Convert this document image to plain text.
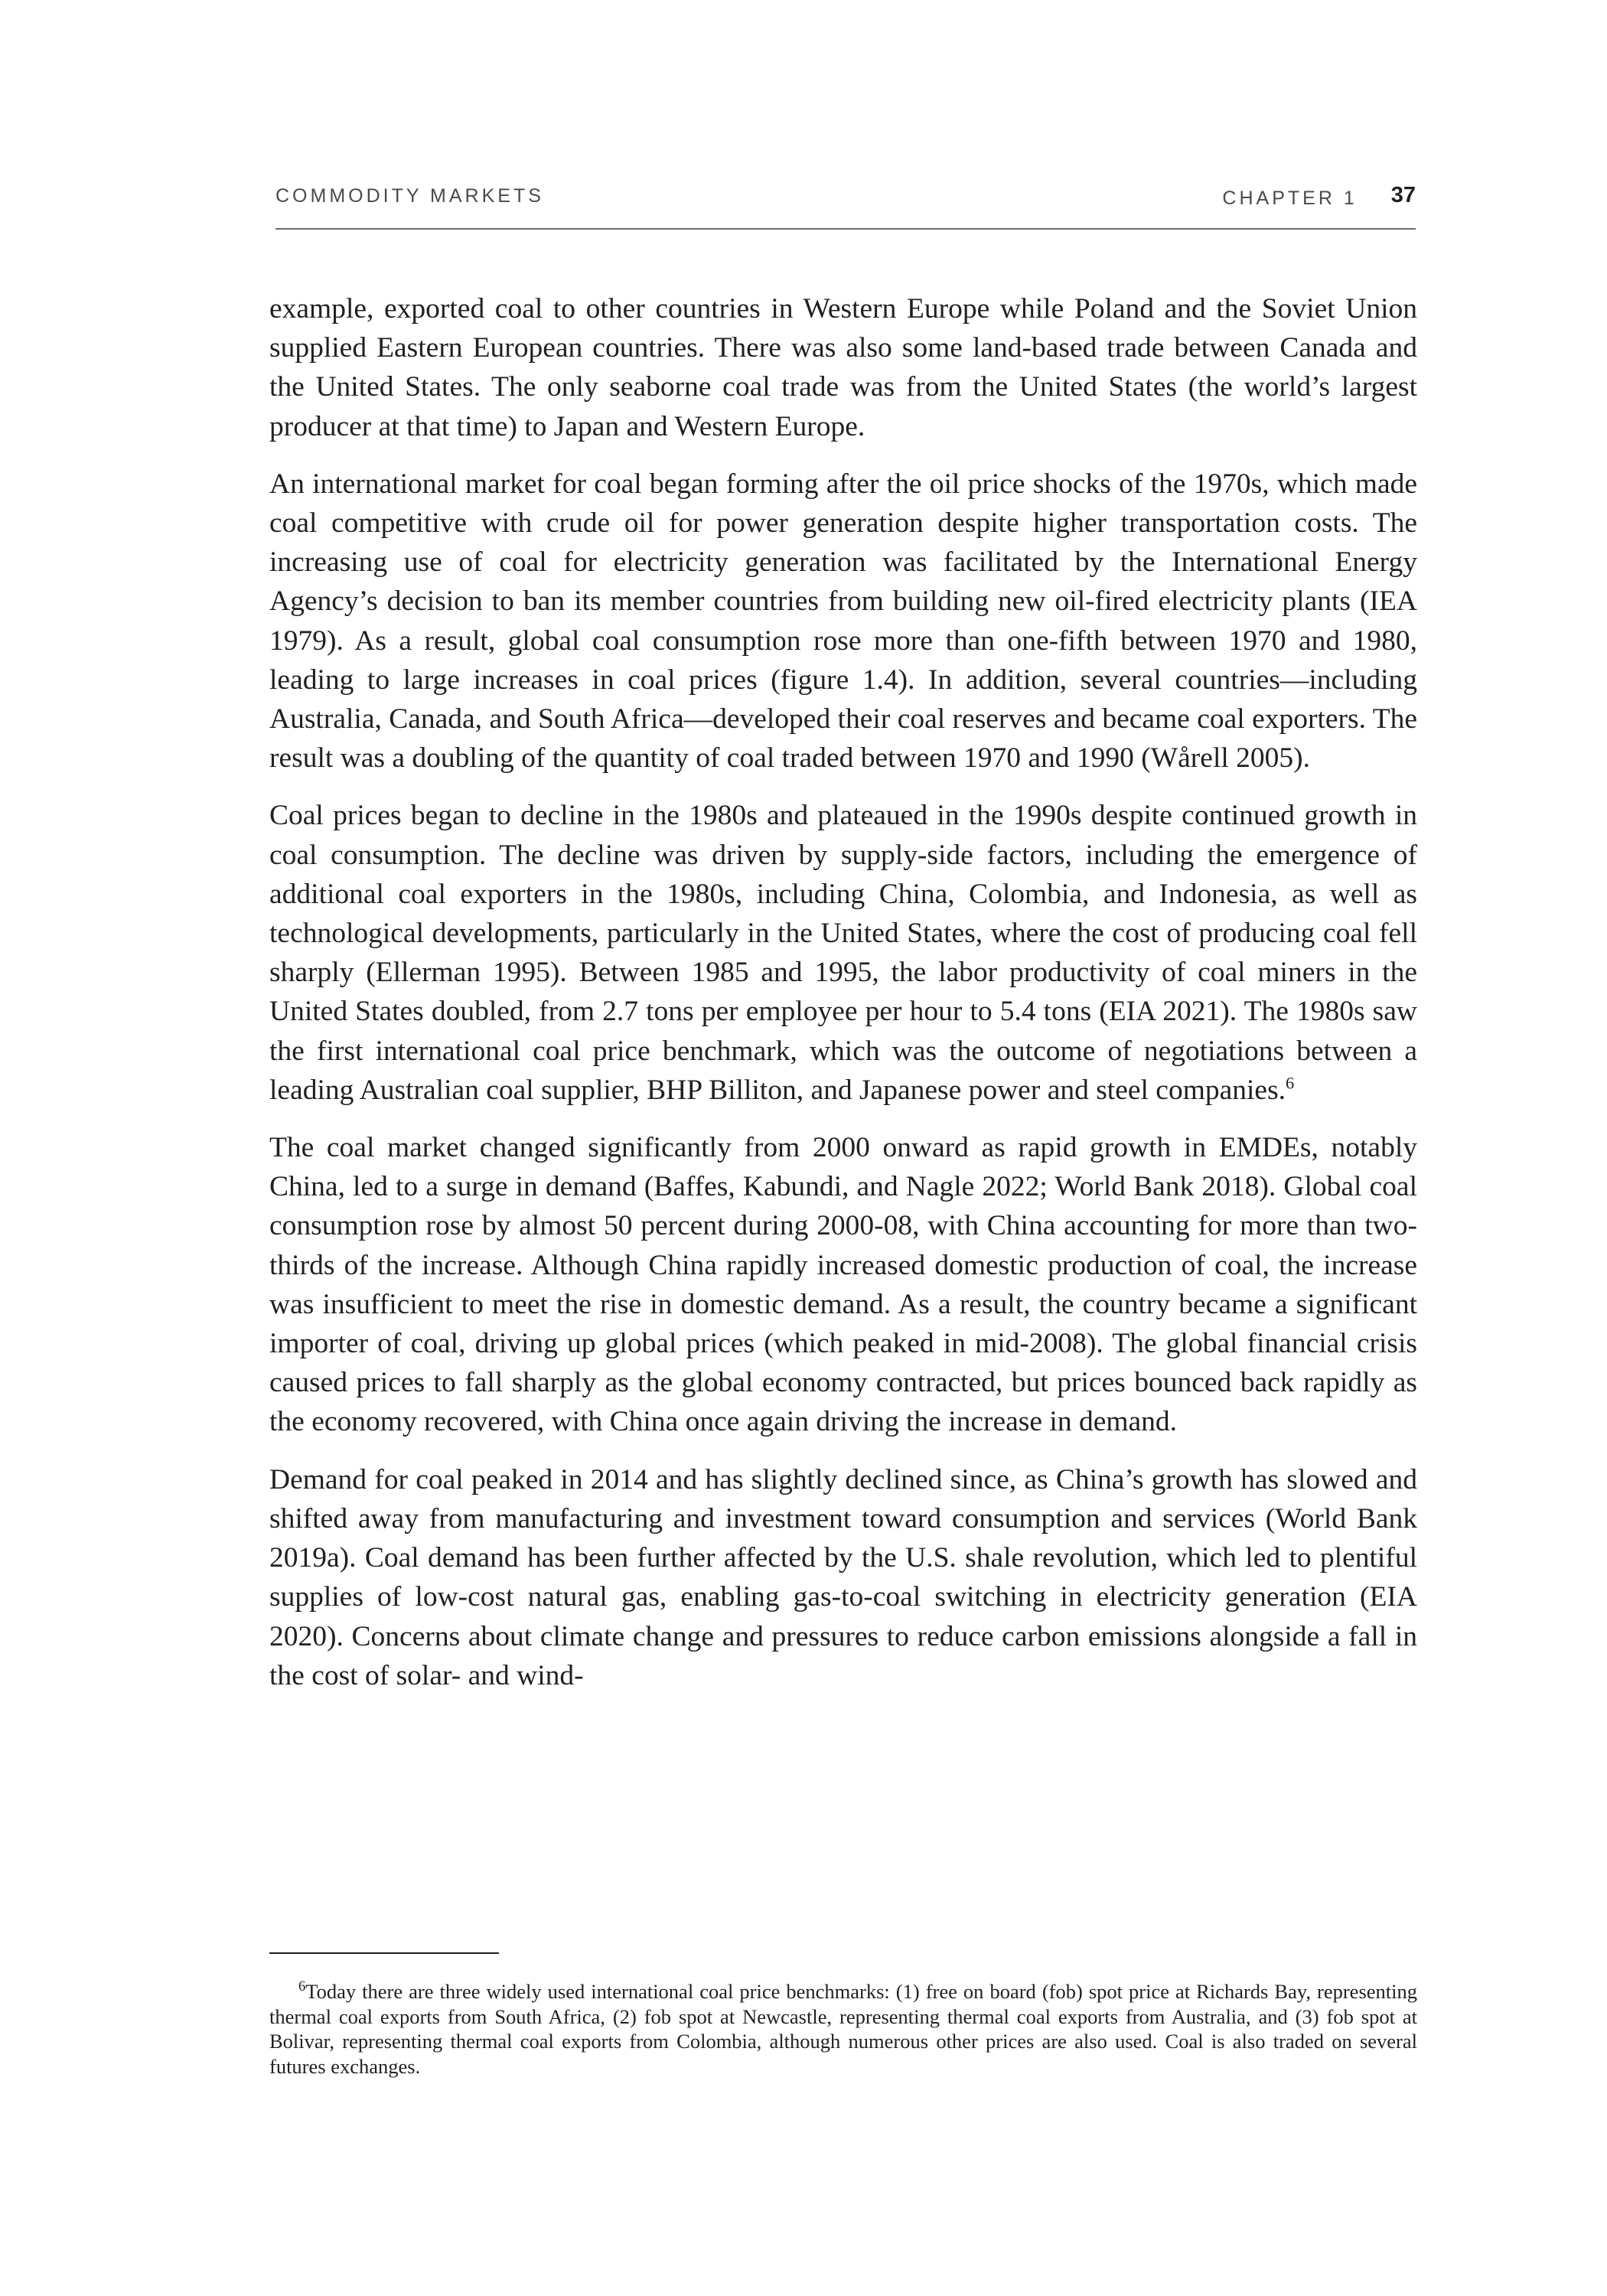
COMMODITY MARKETS	CHAPTER 1 37

example, exported coal to other countries in Western Europe while Poland and the Soviet Union supplied Eastern European countries. There was also some land-based trade between Canada and the United States. The only seaborne coal trade was from the United States (the world’s largest producer at that time) to Japan and Western Europe.

An international market for coal began forming after the oil price shocks of the 1970s, which made coal competitive with crude oil for power generation despite higher transportation costs. The increasing use of coal for electricity generation was facilitated by the International Energy Agency’s decision to ban its member countries from building new oil-fired electricity plants (IEA 1979). As a result, global coal consumption rose more than one-fifth between 1970 and 1980, leading to large increases in coal prices (figure 1.4). In addition, several countries—including Australia, Canada, and South Africa—developed their coal reserves and became coal exporters. The result was a doubling of the quantity of coal traded between 1970 and 1990 (Wårell 2005).

Coal prices began to decline in the 1980s and plateaued in the 1990s despite continued growth in coal consumption. The decline was driven by supply-side factors, including the emergence of additional coal exporters in the 1980s, including China, Colombia, and Indonesia, as well as technological developments, particularly in the United States, where the cost of producing coal fell sharply (Ellerman 1995). Between 1985 and 1995, the labor productivity of coal miners in the United States doubled, from 2.7 tons per employee per hour to 5.4 tons (EIA 2021). The 1980s saw the first international coal price benchmark, which was the outcome of negotiations between a leading Australian coal supplier, BHP Billiton, and Japanese power and steel companies.$^6$

The coal market changed significantly from 2000 onward as rapid growth in EMDEs, notably China, led to a surge in demand (Baffes, Kabundi, and Nagle 2022; World Bank 2018). Global coal consumption rose by almost 50 percent during 2000-08, with China accounting for more than two-thirds of the increase. Although China rapidly increased domestic production of coal, the increase was insufficient to meet the rise in domestic demand. As a result, the country became a significant importer of coal, driving up global prices (which peaked in mid-2008). The global financial crisis caused prices to fall sharply as the global economy contracted, but prices bounced back rapidly as the economy recovered, with China once again driving the increase in demand.

Demand for coal peaked in 2014 and has slightly declined since, as China’s growth has slowed and shifted away from manufacturing and investment toward consumption and services (World Bank 2019a). Coal demand has been further affected by the U.S. shale revolution, which led to plentiful supplies of low-cost natural gas, enabling gas-to-coal switching in electricity generation (EIA 2020). Concerns about climate change and pressures to reduce carbon emissions alongside a fall in the cost of solar- and wind-

$^6$Today there are three widely used international coal price benchmarks: (1) free on board (fob) spot price at Richards Bay, representing thermal coal exports from South Africa, (2) fob spot at Newcastle, representing thermal coal exports from Australia, and (3) fob spot at Bolivar, representing thermal coal exports from Colombia, although numerous other prices are also used. Coal is also traded on several futures exchanges.
